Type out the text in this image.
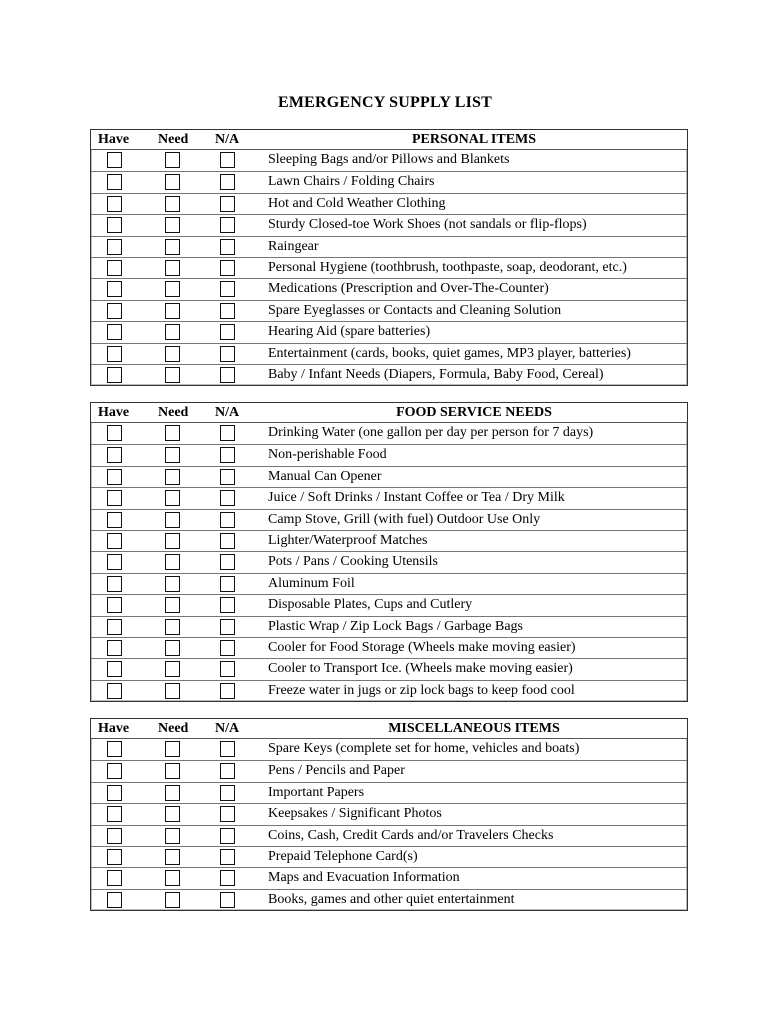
EMERGENCY SUPPLY LIST
Have Need N/A	PERSONAL ITEMS
Sleeping Bags and/or Pillows and Blankets
Lawn Chairs / Folding Chairs
Hot and Cold Weather Clothing
Sturdy Closed-toe Work Shoes (not sandals or flip-flops)
Raingear
Personal Hygiene (toothbrush, toothpaste, soap, deodorant, etc.)
Medications (Prescription and Over-The-Counter)
Spare Eyeglasses or Contacts and Cleaning Solution
Hearing Aid (spare batteries)
Entertainment (cards, books, quiet games, MP3 player, batteries)
Baby / Infant Needs (Diapers, Formula, Baby Food, Cereal)
Have Need N/A	FOOD SERVICE NEEDS
Drinking Water (one gallon per day per person for 7 days)
Non-perishable Food
Manual Can Opener
Juice / Soft Drinks / Instant Coffee or Tea / Dry Milk
Camp Stove, Grill (with fuel) Outdoor Use Only
Lighter/Waterproof Matches
Pots / Pans / Cooking Utensils
Aluminum Foil
Disposable Plates, Cups and Cutlery
Plastic Wrap / Zip Lock Bags / Garbage Bags
Cooler for Food Storage (Wheels make moving easier)
Cooler to Transport Ice. (Wheels make moving easier)
Freeze water in jugs or zip lock bags to keep food cool
Have Need N/A	MISCELLANEOUS ITEMS
Spare Keys (complete set for home, vehicles and boats)
Pens / Pencils and Paper
Important Papers
Keepsakes / Significant Photos
Coins, Cash, Credit Cards and/or Travelers Checks
Prepaid Telephone Card(s)
Maps and Evacuation Information
Books, games and other quiet entertainment
